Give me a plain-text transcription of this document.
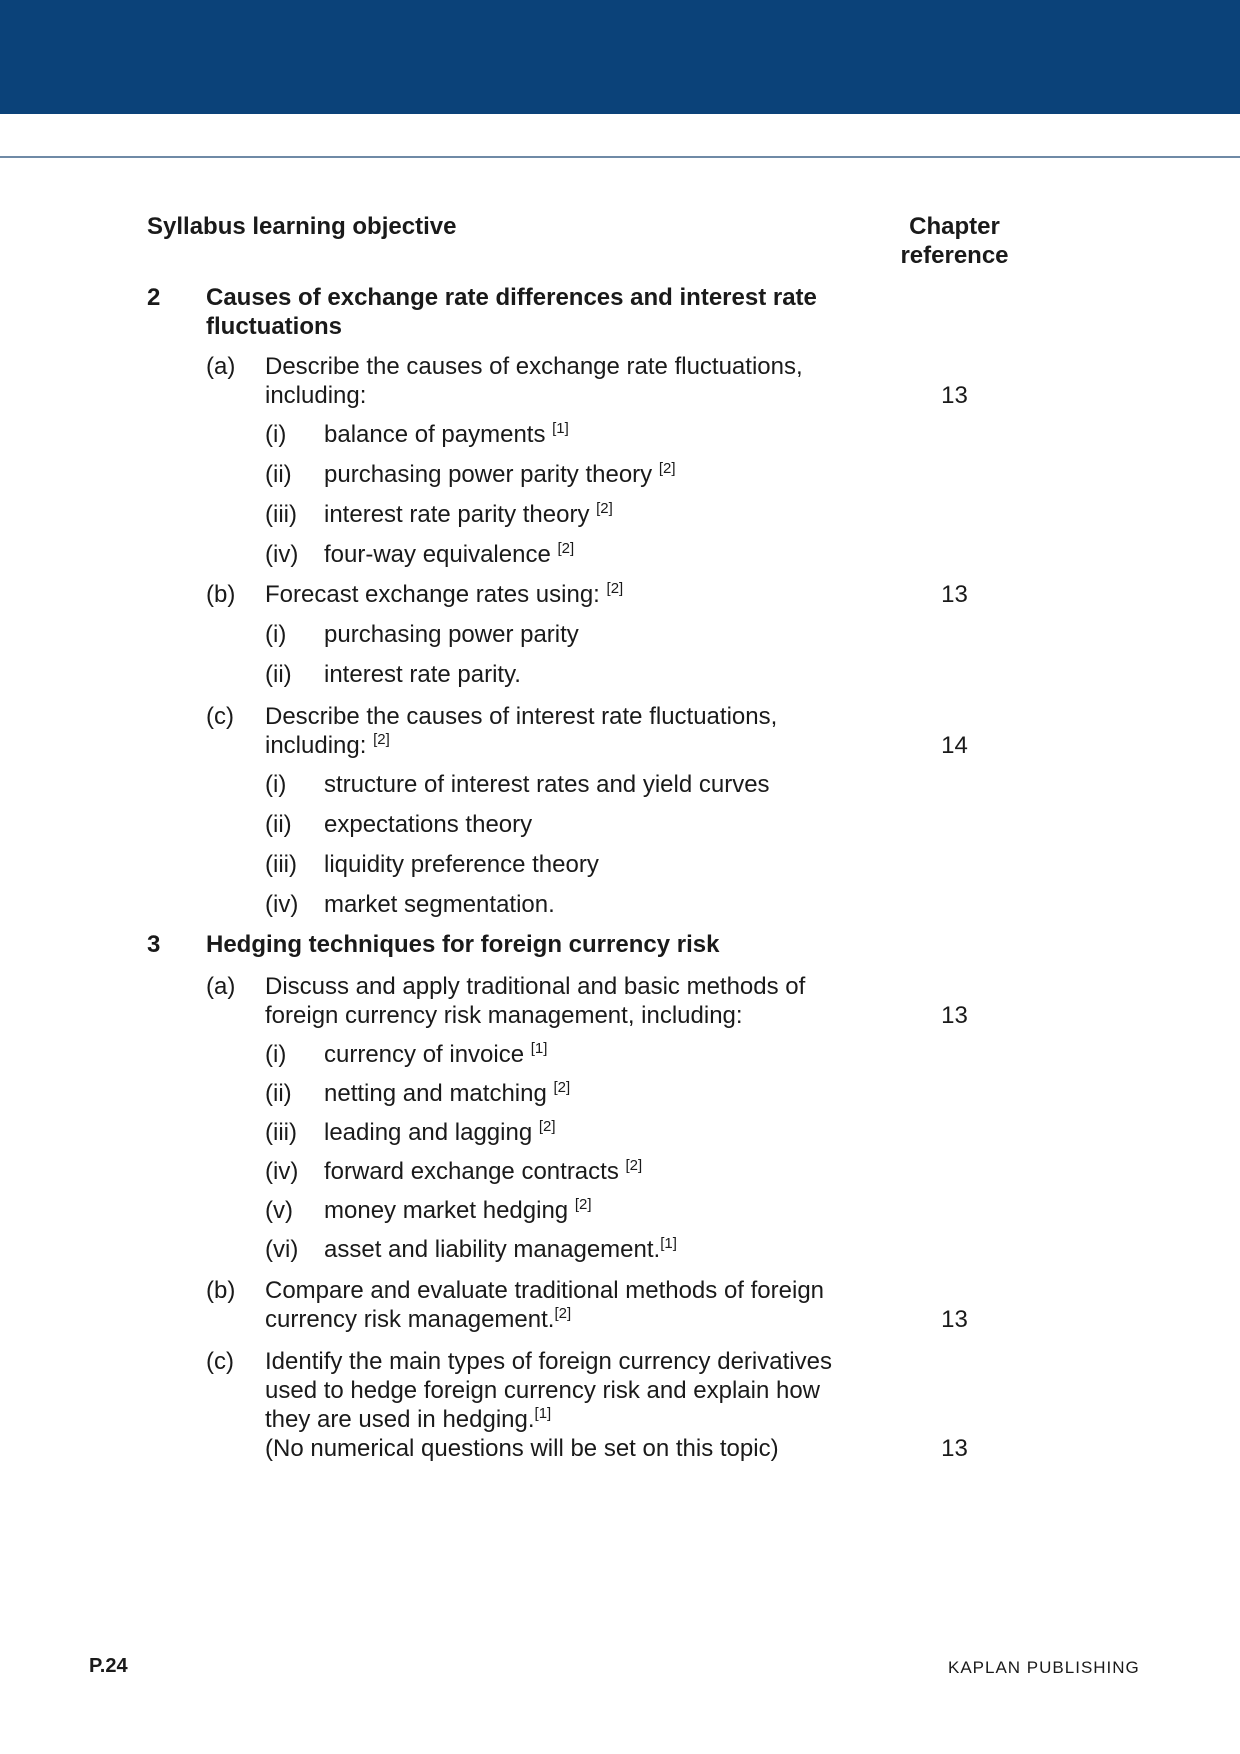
Syllabus learning objective	Chapter
reference
2 Causes of exchange rate differences and interest rate
fluctuations
(a) Describe the causes of exchange rate fluctuations,
including:	13
(i) balance of payments [1]
(ii) purchasing power parity theory [2]
(iii) interest rate parity theory [2]
(iv) four-way equivalence [2]
(b) Forecast exchange rates using: [2]	13
(i) purchasing power parity
(ii) interest rate parity.
(c) Describe the causes of interest rate fluctuations,
including: [2]	14
(i) structure of interest rates and yield curves
(ii) expectations theory
(iii) liquidity preference theory
(iv) market segmentation.
3 Hedging techniques for foreign currency risk
(a) Discuss and apply traditional and basic methods of
foreign currency risk management, including:	13
(i) currency of invoice [1]
(ii) netting and matching [2]
(iii) leading and lagging [2]
(iv) forward exchange contracts [2]
(v) money market hedging [2]
(vi) asset and liability management.[1]
(b) Compare and evaluate traditional methods of foreign
currency risk management.[2]	13
(c) Identify the main types of foreign currency derivatives
used to hedge foreign currency risk and explain how
they are used in hedging.[1]
(No numerical questions will be set on this topic)	13
P.24	KAPLAN PUBLISHING
